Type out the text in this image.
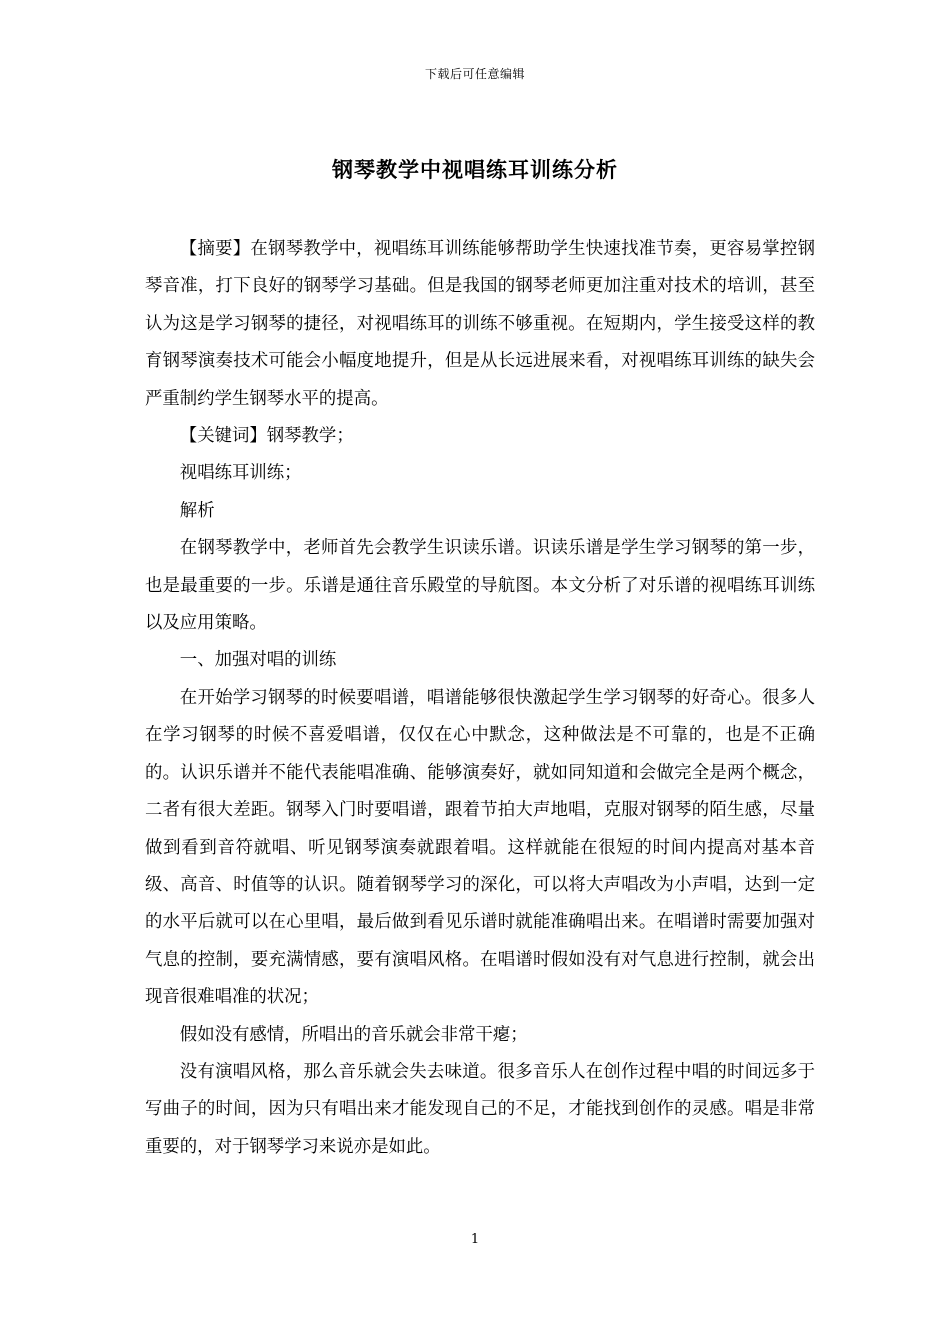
下载后可任意编辑
钢琴教学中视唱练耳训练分析

【摘要】在钢琴教学中，视唱练耳训练能够帮助学生快速找准节奏，更容易掌控钢琴音准，打下良好的钢琴学习基础。但是我国的钢琴老师更加注重对技术的培训，甚至认为这是学习钢琴的捷径，对视唱练耳的训练不够重视。在短期内，学生接受这样的教育钢琴演奏技术可能会小幅度地提升，但是从长远进展来看，对视唱练耳训练的缺失会严重制约学生钢琴水平的提高。

【关键词】钢琴教学；

视唱练耳训练；

解析

在钢琴教学中，老师首先会教学生识读乐谱。识读乐谱是学生学习钢琴的第一步，也是最重要的一步。乐谱是通往音乐殿堂的导航图。本文分析了对乐谱的视唱练耳训练以及应用策略。

一、加强对唱的训练

在开始学习钢琴的时候要唱谱，唱谱能够很快激起学生学习钢琴的好奇心。很多人在学习钢琴的时候不喜爱唱谱，仅仅在心中默念，这种做法是不可靠的，也是不正确的。认识乐谱并不能代表能唱准确、能够演奏好，就如同知道和会做完全是两个概念，二者有很大差距。钢琴入门时要唱谱，跟着节拍大声地唱，克服对钢琴的陌生感，尽量做到看到音符就唱、听见钢琴演奏就跟着唱。这样就能在很短的时间内提高对基本音级、高音、时值等的认识。随着钢琴学习的深化，可以将大声唱改为小声唱，达到一定的水平后就可以在心里唱，最后做到看见乐谱时就能准确唱出来。在唱谱时需要加强对气息的控制，要充满情感，要有演唱风格。在唱谱时假如没有对气息进行控制，就会出现音很难唱准的状况；

假如没有感情，所唱出的音乐就会非常干瘪；

没有演唱风格，那么音乐就会失去味道。很多音乐人在创作过程中唱的时间远多于写曲子的时间，因为只有唱出来才能发现自己的不足，才能找到创作的灵感。唱是非常重要的，对于钢琴学习来说亦是如此。

1
